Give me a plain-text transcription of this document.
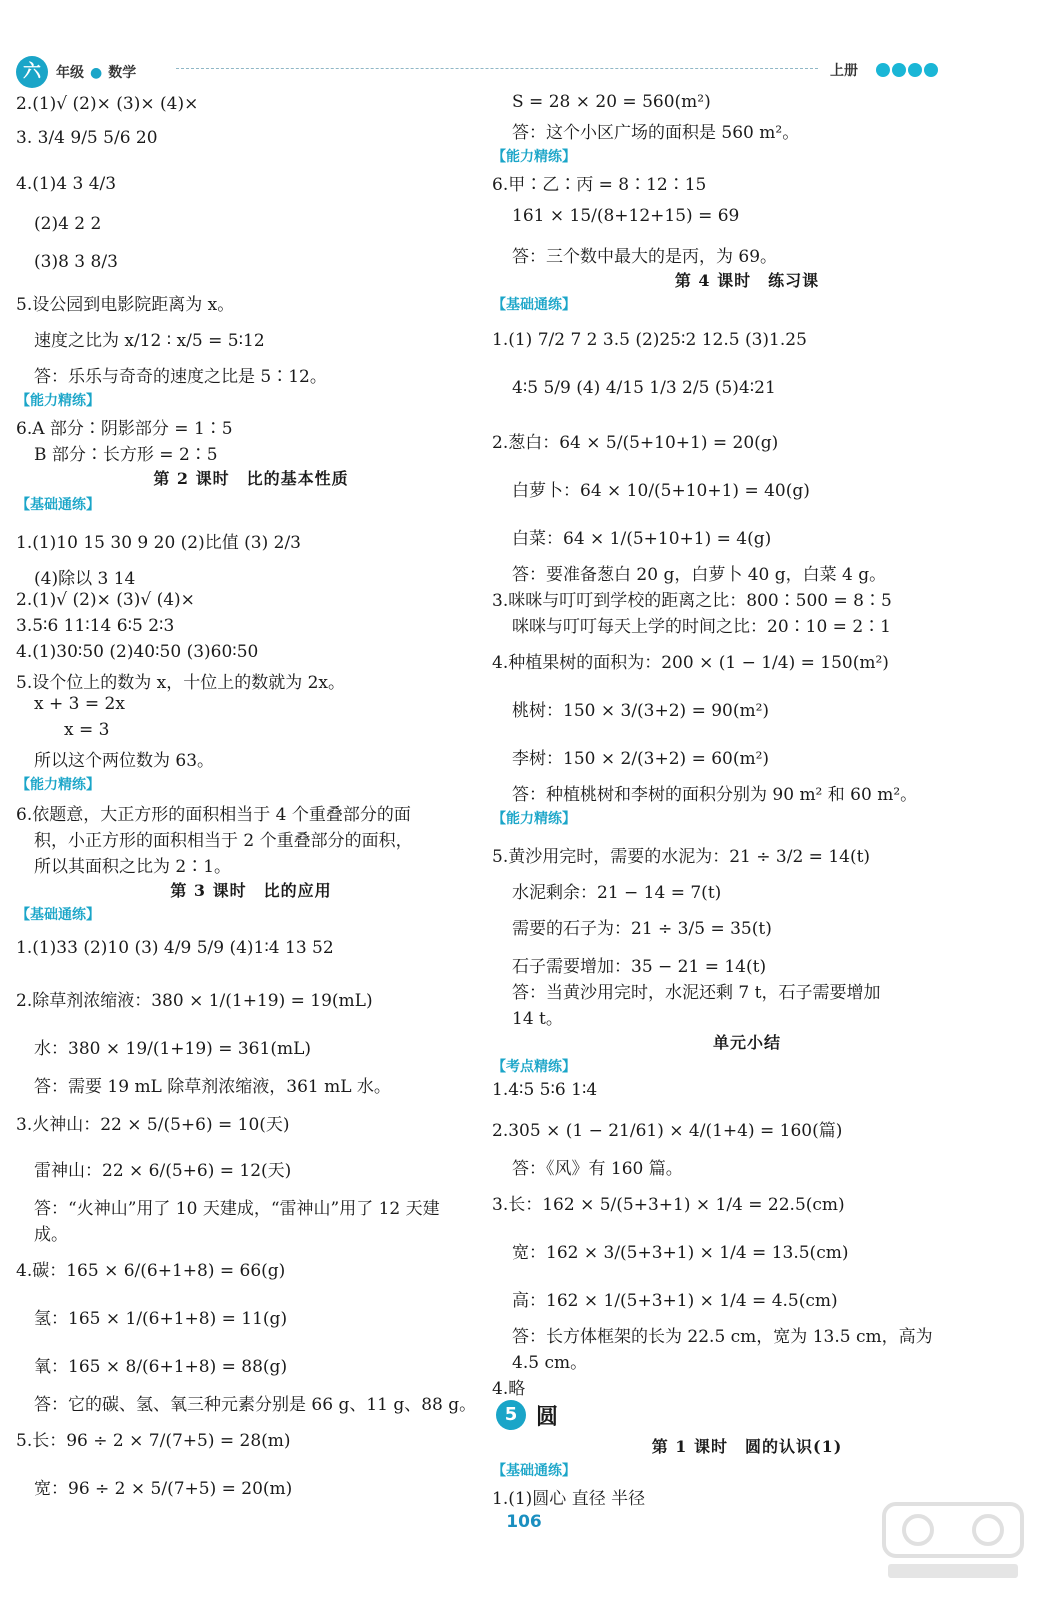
六	年级 ● 数学	上册
2.(1)√ (2)× (3)× (4)×
3. 3/4 9/5 5/6 20
4.(1)4 3 4/3
(2)4 2 2
(3)8 3 8/3
5.设公园到电影院距离为 x。
速度之比为 x/12 ∶ x/5 = 5∶12
答：乐乐与奇奇的速度之比是 5∶12。
【能力精练】
6.A 部分∶阴影部分 = 1∶5
B 部分∶长方形 = 2∶5
第 2 课时　比的基本性质
【基础通练】
1.(1)10 15 30 9 20 (2)比值 (3) 2/3
(4)除以 3 14
2.(1)√ (2)× (3)√ (4)×
3.5∶6 11∶14 6∶5 2∶3
4.(1)30∶50 (2)40∶50 (3)60∶50
5.设个位上的数为 x，十位上的数就为 2x。
x + 3 = 2x
x = 3
所以这个两位数为 63。
【能力精练】
6.依题意，大正方形的面积相当于 4 个重叠部分的面
积，小正方形的面积相当于 2 个重叠部分的面积，
所以其面积之比为 2∶1。
第 3 课时　比的应用
【基础通练】
1.(1)33 (2)10 (3) 4/9 5/9 (4)1∶4 13 52
2.除草剂浓缩液：380 × 1/(1+19) = 19(mL)
水：380 × 19/(1+19) = 361(mL)
答：需要 19 mL 除草剂浓缩液，361 mL 水。
3.火神山：22 × 5/(5+6) = 10(天)
雷神山：22 × 6/(5+6) = 12(天)
答：“火神山”用了 10 天建成，“雷神山”用了 12 天建
成。
4.碳：165 × 6/(6+1+8) = 66(g)
氢：165 × 1/(6+1+8) = 11(g)
氧：165 × 8/(6+1+8) = 88(g)
答：它的碳、氢、氧三种元素分别是 66 g、11 g、88 g。
5.长：96 ÷ 2 × 7/(7+5) = 28(m)
宽：96 ÷ 2 × 5/(7+5) = 20(m)
S = 28 × 20 = 560(m²)
答：这个小区广场的面积是 560 m²。
【能力精练】
6.甲∶乙∶丙 = 8∶12∶15
161 × 15/(8+12+15) = 69
答：三个数中最大的是丙，为 69。
第 4 课时　练习课
【基础通练】
1.(1) 7/2 7 2 3.5 (2)25∶2 12.5 (3)1.25
4∶5 5/9 (4) 4/15 1/3 2/5 (5)4∶21
2.葱白：64 × 5/(5+10+1) = 20(g)
白萝卜：64 × 10/(5+10+1) = 40(g)
白菜：64 × 1/(5+10+1) = 4(g)
答：要准备葱白 20 g，白萝卜 40 g，白菜 4 g。
3.咪咪与叮叮到学校的距离之比：800∶500 = 8∶5
咪咪与叮叮每天上学的时间之比：20∶10 = 2∶1
4.种植果树的面积为：200 × (1 − 1/4) = 150(m²)
桃树：150 × 3/(3+2) = 90(m²)
李树：150 × 2/(3+2) = 60(m²)
答：种植桃树和李树的面积分别为 90 m² 和 60 m²。
【能力精练】
5.黄沙用完时，需要的水泥为：21 ÷ 3/2 = 14(t)
水泥剩余：21 − 14 = 7(t)
需要的石子为：21 ÷ 3/5 = 35(t)
石子需要增加：35 − 21 = 14(t)
答：当黄沙用完时，水泥还剩 7 t，石子需要增加
14 t。
单元小结
【考点精练】
1.4∶5 5∶6 1∶4
2.305 × (1 − 21/61) × 4/(1+4) = 160(篇)
答：《风》有 160 篇。
3.长：162 × 5/(5+3+1) × 1/4 = 22.5(cm)
宽：162 × 3/(5+3+1) × 1/4 = 13.5(cm)
高：162 × 1/(5+3+1) × 1/4 = 4.5(cm)
答：长方体框架的长为 22.5 cm，宽为 13.5 cm，高为
4.5 cm。
4.略
5 圆
第 1 课时　圆的认识(1)
【基础通练】
1.(1)圆心 直径 半径
106
